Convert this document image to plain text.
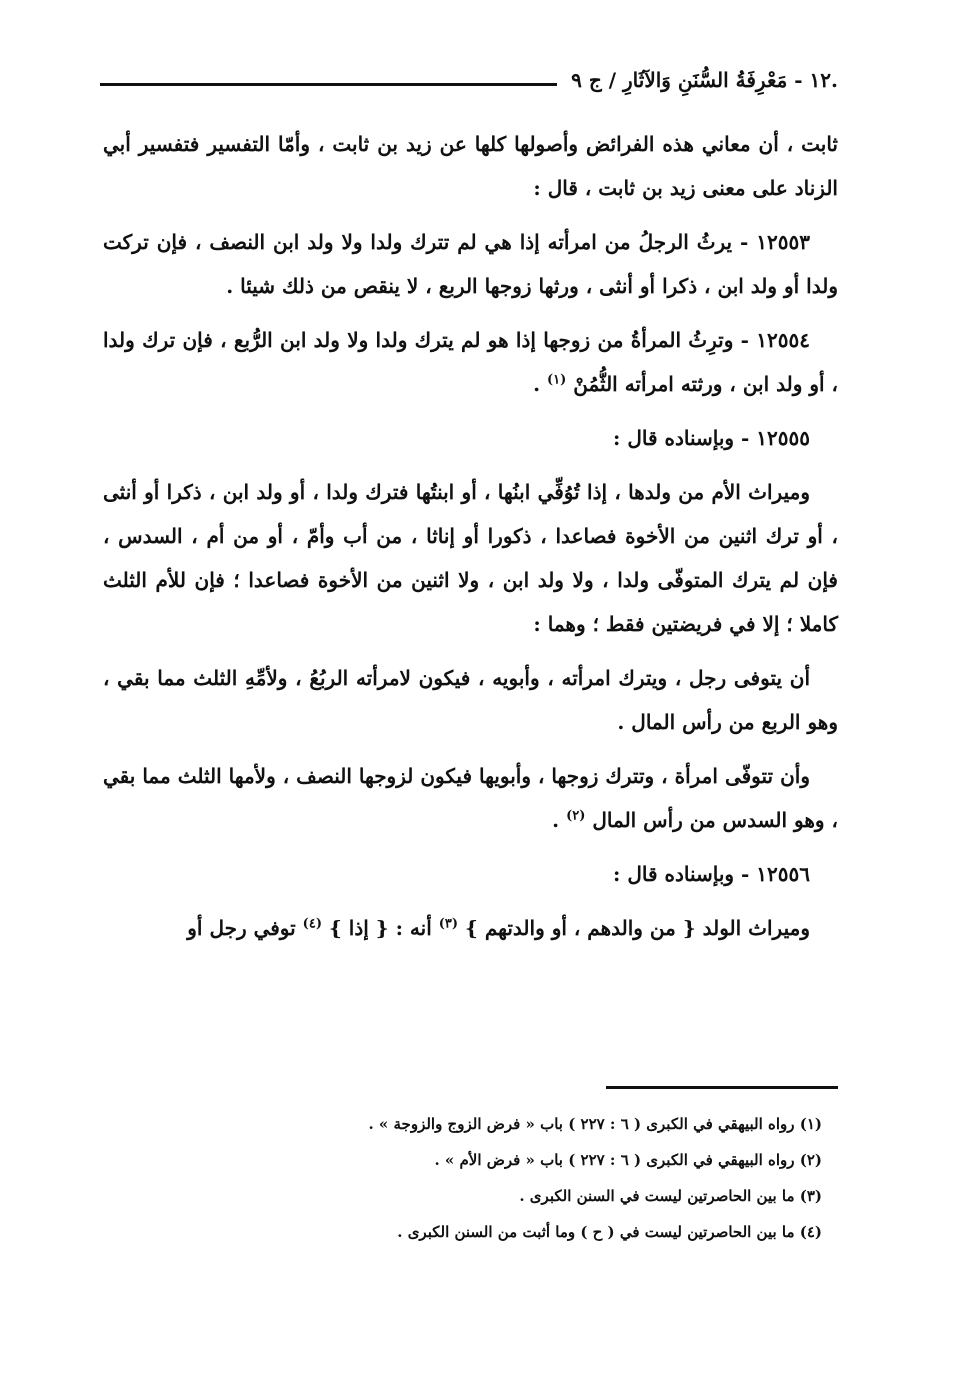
.١٢ - مَعْرِفَةُ السُّنَنِ وَالآثَارِ / ج ٩

ثابت ، أن معاني هذه الفرائض وأصولها كلها عن زيد بن ثابت ، وأمّا التفسير فتفسير أبي الزناد على معنى زيد بن ثابت ، قال :

١٢٥٥٣ - يرثُ الرجلُ من امرأته إذا هي لم تترك ولدا ولا ولد ابن النصف ، فإن تركت ولدا أو ولد ابن ، ذكرا أو أنثى ، ورثها زوجها الربع ، لا ينقص من ذلك شيئا .

١٢٥٥٤ - وترِثُ المرأةُ من زوجها إذا هو لم يترك ولدا ولا ولد ابن الرُّبع ، فإن ترك ولدا ، أو ولد ابن ، ورثته امرأته الثُّمُنْ $^{(١)}$ .

١٢٥٥٥ - وبإسناده قال :

وميراث الأم من ولدها ، إذا تُوُفِّي ابنُها ، أو ابنتُها فترك ولدا ، أو ولد ابن ، ذكرا أو أنثى ، أو ترك اثنين من الأخوة فصاعدا ، ذكورا أو إناثا ، من أب وأمّ ، أو من أم ، السدس ، فإن لم يترك المتوفّى ولدا ، ولا ولد ابن ، ولا اثنين من الأخوة فصاعدا ؛ فإن للأم الثلث كاملا ؛ إلا في فريضتين فقط ؛ وهما :

أن يتوفى رجل ، ويترك امرأته ، وأبويه ، فيكون لامرأته الربُعُ ، ولأمِّهِ الثلث مما بقي ، وهو الربع من رأس المال .

وأن تتوفّى امرأة ، وتترك زوجها ، وأبويها فيكون لزوجها النصف ، ولأمها الثلث مما بقي ، وهو السدس من رأس المال $^{(٢)}$ .

١٢٥٥٦ - وبإسناده قال :

وميراث الولد { من والدهم ، أو والدتهم } $^{(٣)}$ أنه : { إذا } $^{(٤)}$ توفي رجل أو

(١) رواه البيهقي في الكبرى ( ٦ : ٢٢٧ ) باب « فرض الزوج والزوجة » .

(٢) رواه البيهقي في الكبرى ( ٦ : ٢٢٧ ) باب « فرض الأم » .

(٣) ما بين الحاصرتين ليست في السنن الكبرى .

(٤) ما بين الحاصرتين ليست في ( ح ) وما أثبت من السنن الكبرى .
